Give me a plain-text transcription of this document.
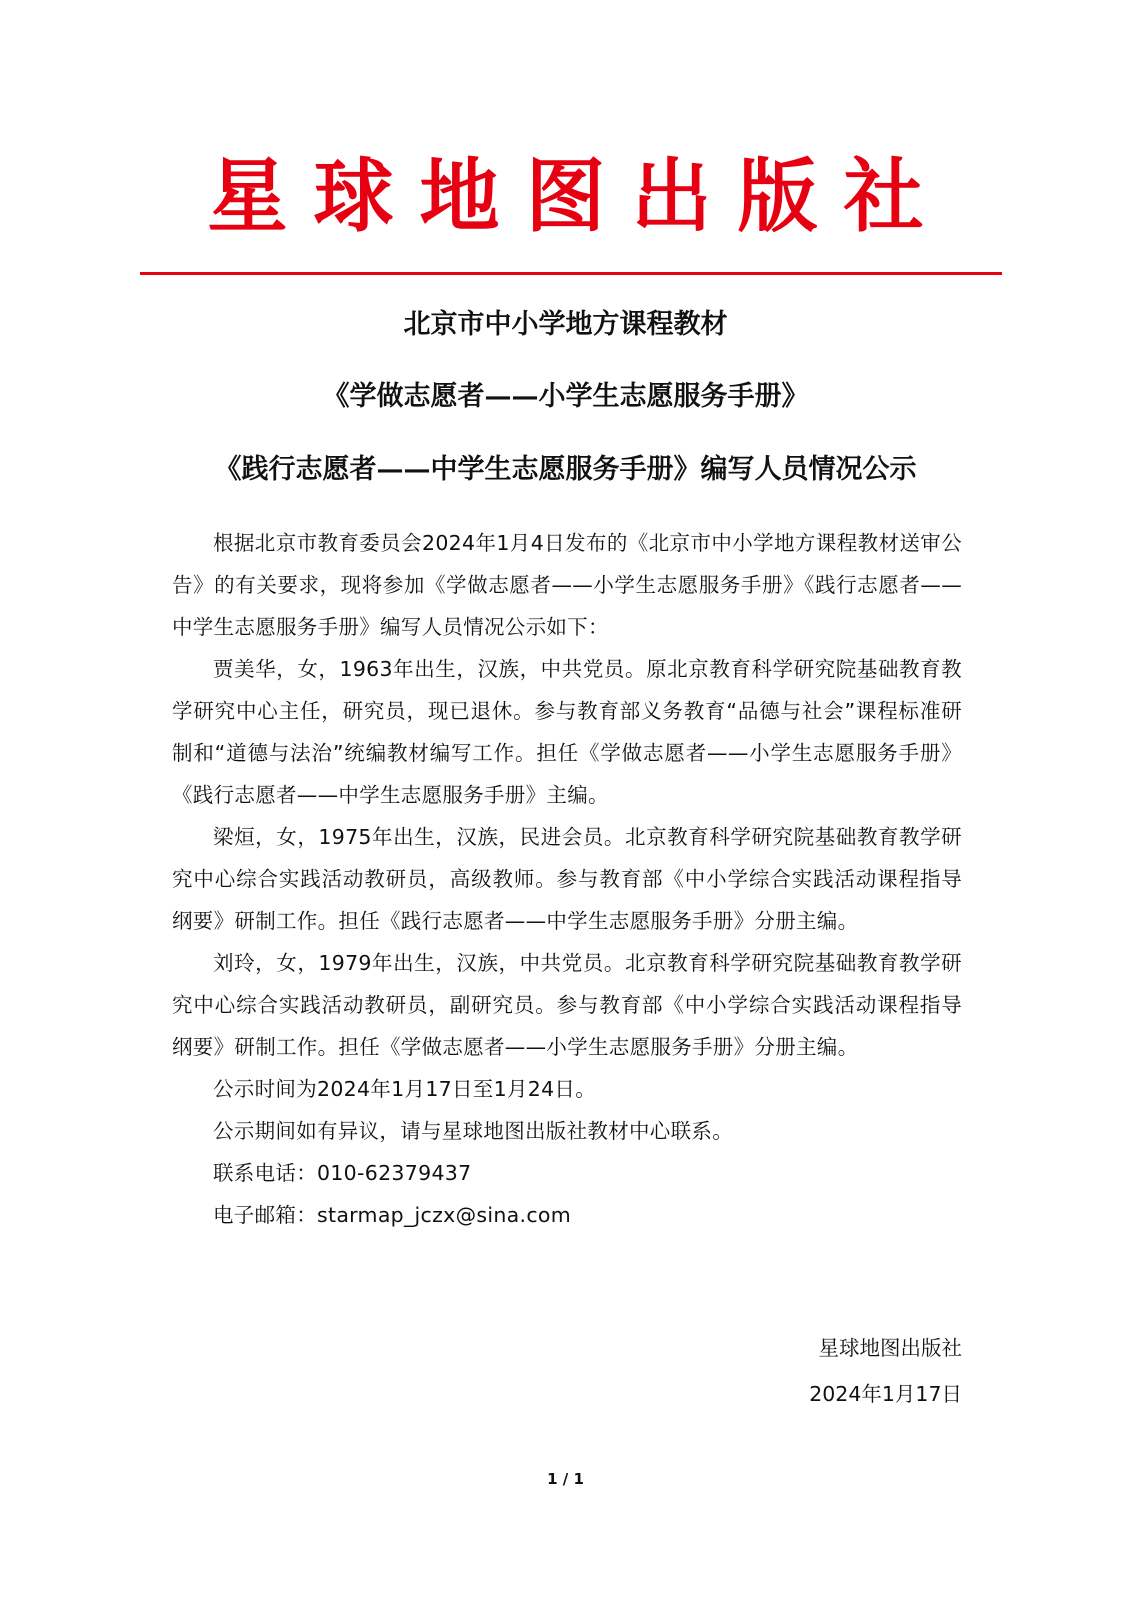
星球地图出版社
北京市中小学地方课程教材
《学做志愿者——小学生志愿服务手册》
《践行志愿者——中学生志愿服务手册》编写人员情况公示

根据北京市教育委员会2024年1月4日发布的《北京市中小学地方课程教材送审公告》的有关要求，现将参加《学做志愿者——小学生志愿服务手册》《践行志愿者——中学生志愿服务手册》编写人员情况公示如下：

贾美华，女，1963年出生，汉族，中共党员。原北京教育科学研究院基础教育教学研究中心主任，研究员，现已退休。参与教育部义务教育“品德与社会”课程标准研制和“道德与法治”统编教材编写工作。担任《学做志愿者——小学生志愿服务手册》《践行志愿者——中学生志愿服务手册》主编。

梁烜，女，1975年出生，汉族，民进会员。北京教育科学研究院基础教育教学研究中心综合实践活动教研员，高级教师。参与教育部《中小学综合实践活动课程指导纲要》研制工作。担任《践行志愿者——中学生志愿服务手册》分册主编。

刘玲，女，1979年出生，汉族，中共党员。北京教育科学研究院基础教育教学研究中心综合实践活动教研员，副研究员。参与教育部《中小学综合实践活动课程指导纲要》研制工作。担任《学做志愿者——小学生志愿服务手册》分册主编。

公示时间为2024年1月17日至1月24日。

公示期间如有异议，请与星球地图出版社教材中心联系。

联系电话：010-62379437

电子邮箱：starmap_jczx@sina.com

星球地图出版社
2024年1月17日
1 / 1
